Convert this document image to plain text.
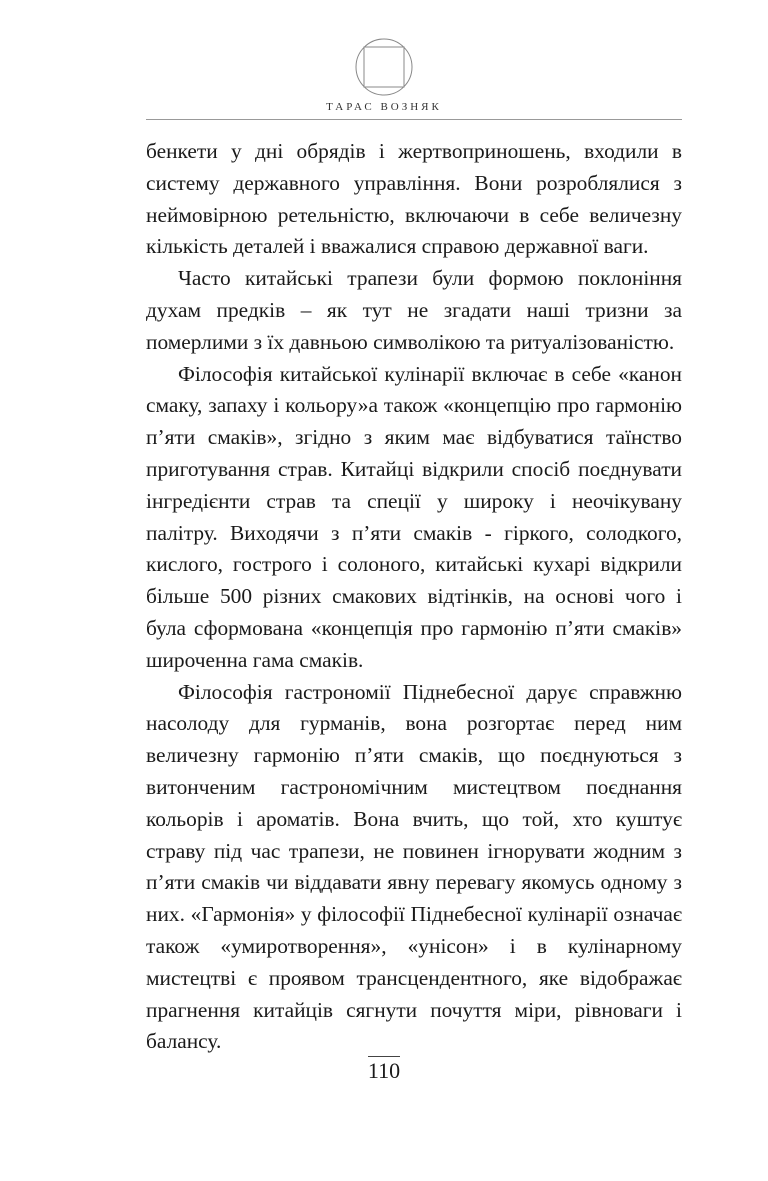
ТАРАС ВОЗНЯК

бенкети у дні обрядів і жертвоприношень, входили в систему державного управління. Вони розроблялися з неймовірною ретельністю, включаючи в себе величезну кількість деталей і вважалися справою державної ваги.

Часто китайські трапези були формою поклоніння духам предків – як тут не згадати наші тризни за померлими з їх давньою символікою та ритуалізованістю.

Філософія китайської кулінарії включає в себе «канон смаку, запаху і кольору»а також «концепцію про гармонію п’яти смаків», згідно з яким має відбуватися таїнство приготування страв. Китайці відкрили спосіб поєднувати інгредієнти страв та спеції у широку і неочікувану палітру. Виходячи з п’яти смаків - гіркого, солодкого, кислого, гострого і солоного, китайські кухарі відкрили більше 500 різних смакових відтінків, на основі чого і була сформована «концепція про гармонію п’яти смаків» широченна гама смаків.

Філософія гастрономії Піднебесної дарує справжню насолоду для гурманів, вона розгортає перед ним величезну гармонію п’яти смаків, що поєднуються з витонченим гастрономічним мистецтвом поєднання кольорів і ароматів. Вона вчить, що той, хто куштує страву під час трапези, не повинен ігнорувати жодним з п’яти смаків чи віддавати явну перевагу якомусь одному з них. «Гармонія» у філософії Піднебесної кулінарії означає також «умиротворення», «унісон» і в кулінарному мистецтві є проявом трансцендентного, яке відображає прагнення китайців сягнути почуття міри, рівноваги і балансу.

110
